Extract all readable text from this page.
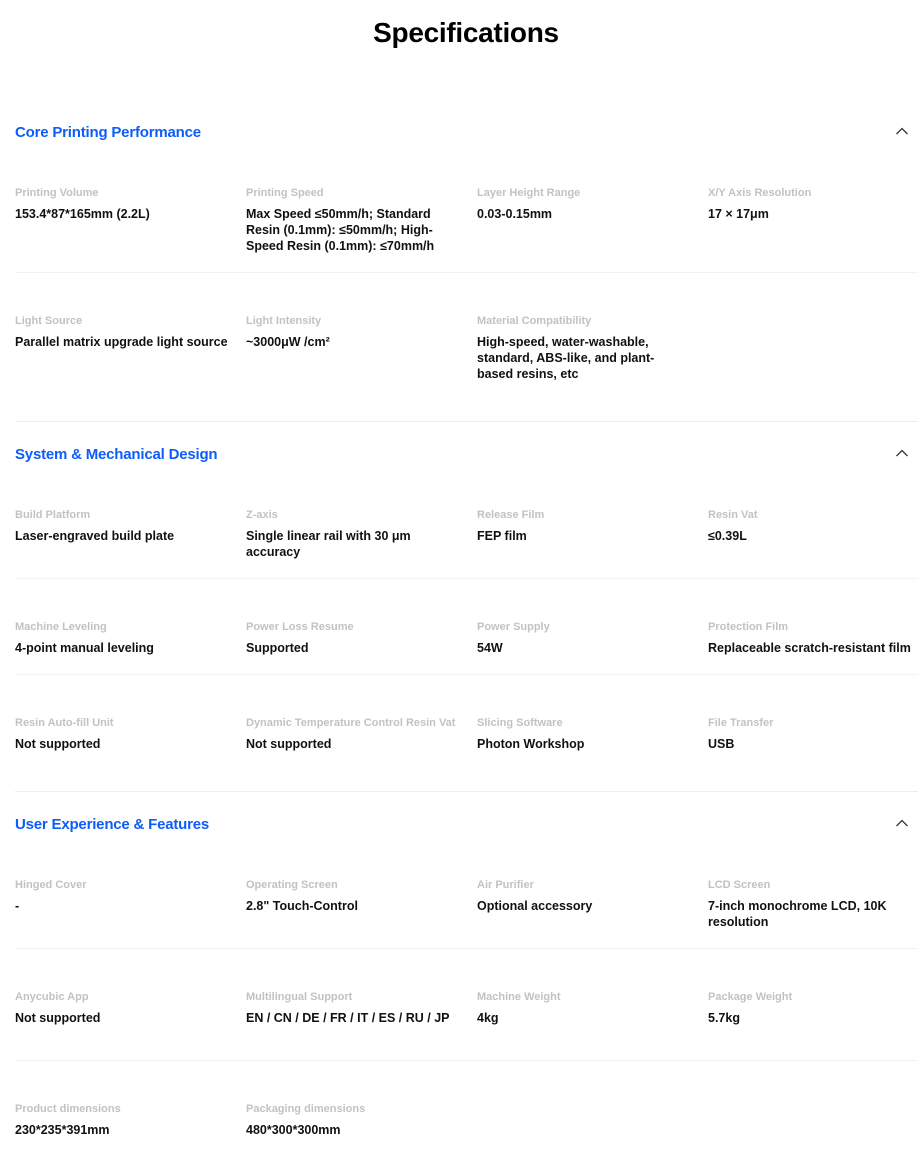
Specifications
Core Printing Performance
Printing Volume
153.4*87*165mm (2.2L)
Printing Speed
Max Speed ≤50mm/h; Standard Resin (0.1mm): ≤50mm/h; High-Speed Resin (0.1mm): ≤70mm/h
Layer Height Range
0.03-0.15mm
X/Y Axis Resolution
17 × 17μm
Light Source
Parallel matrix upgrade light source
Light Intensity
~3000μW /cm²
Material Compatibility
High-speed, water-washable, standard, ABS-like, and plant-based resins, etc
System & Mechanical Design
Build Platform
Laser-engraved build plate
Z-axis
Single linear rail with 30 μm accuracy
Release Film
FEP film
Resin Vat
≤0.39L
Machine Leveling
4-point manual leveling
Power Loss Resume
Supported
Power Supply
54W
Protection Film
Replaceable scratch-resistant film
Resin Auto-fill Unit
Not supported
Dynamic Temperature Control Resin Vat
Not supported
Slicing Software
Photon Workshop
File Transfer
USB
User Experience & Features
Hinged Cover
-
Operating Screen
2.8" Touch-Control
Air Purifier
Optional accessory
LCD Screen
7-inch monochrome LCD, 10K resolution
Anycubic App
Not supported
Multilingual Support
EN / CN / DE / FR / IT / ES / RU / JP
Machine Weight
4kg
Package Weight
5.7kg
Product dimensions
230*235*391mm
Packaging dimensions
480*300*300mm
